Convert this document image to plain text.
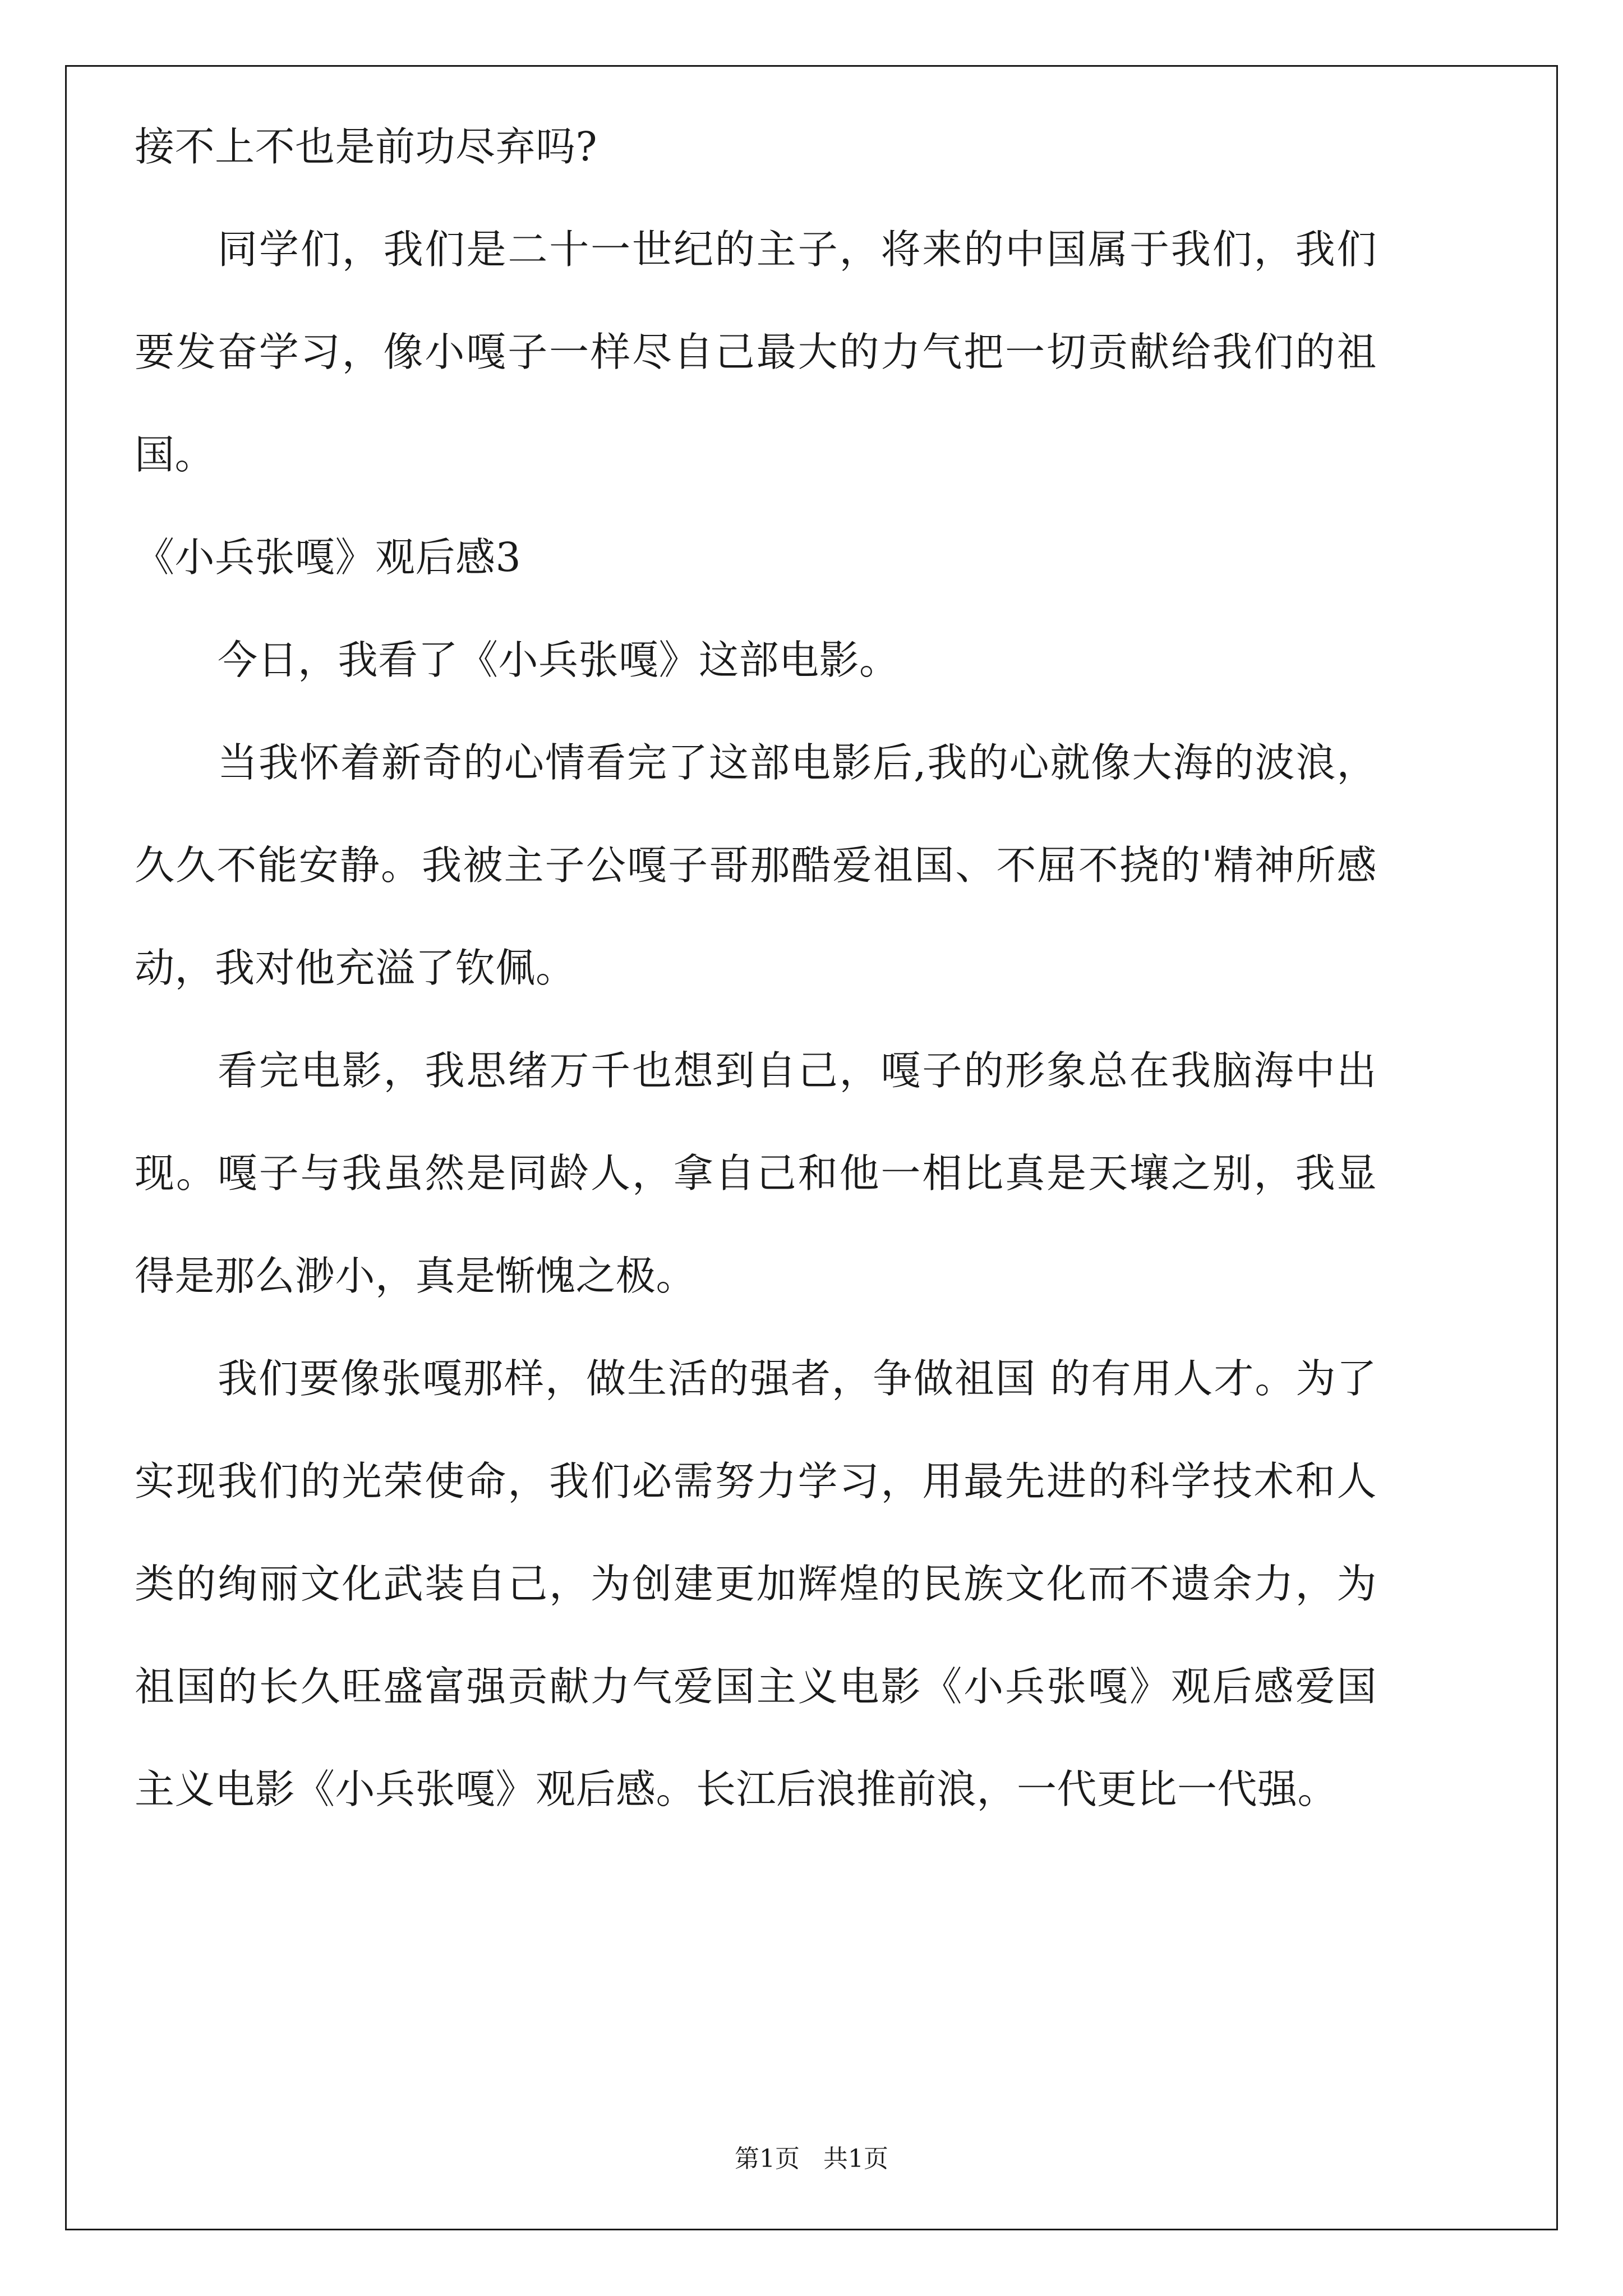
接不上不也是前功尽弃吗?

同学们，我们是二十一世纪的主子，将来的中国属于我们，我们要发奋学习，像小嘎子一样尽自己最大的力气把一切贡献给我们的祖国。

《小兵张嘎》观后感3

今日，我看了《小兵张嘎》这部电影。

当我怀着新奇的心情看完了这部电影后,我的心就像大海的波浪，久久不能安静。我被主子公嘎子哥那酷爱祖国、不屈不挠的'精神所感动，我对他充溢了钦佩。

看完电影，我思绪万千也想到自己，嘎子的形象总在我脑海中出现。嘎子与我虽然是同龄人，拿自己和他一相比真是天壤之别，我显得是那么渺小，真是惭愧之极。

我们要像张嘎那样，做生活的强者，争做祖国 的有用人才。为了实现我们的光荣使命，我们必需努力学习，用最先进的科学技术和人类的绚丽文化武装自己，为创建更加辉煌的民族文化而不遗余力，为祖国的长久旺盛富强贡献力气爱国主义电影《小兵张嘎》观后感爱国主义电影《小兵张嘎》观后感。长江后浪推前浪，一代更比一代强。

第1页   共1页
